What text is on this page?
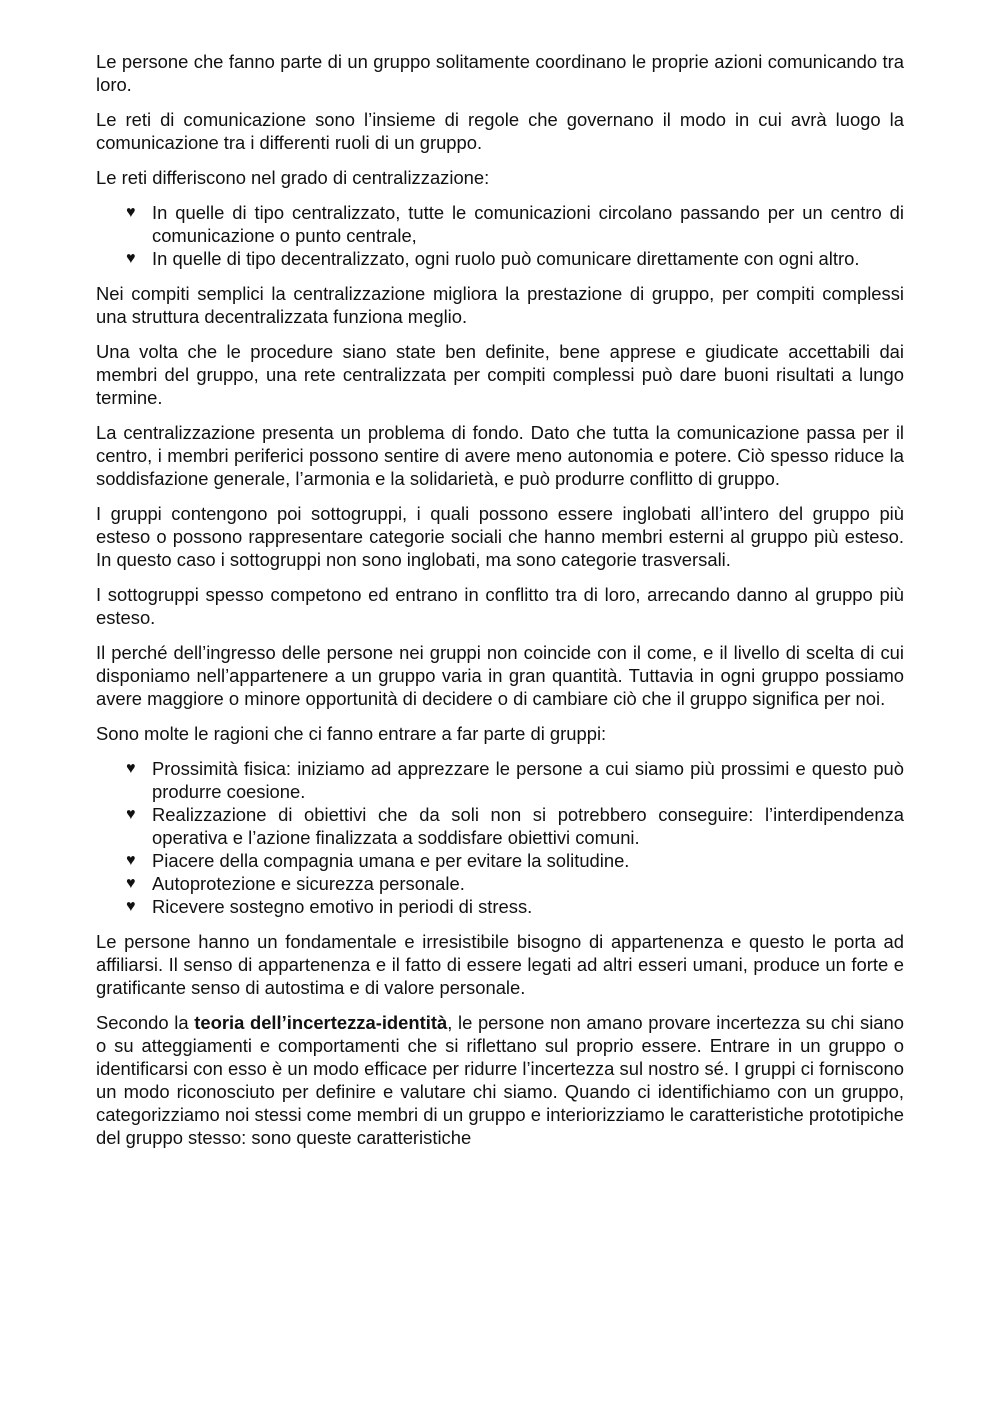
Le persone che fanno parte di un gruppo solitamente coordinano le proprie azioni comunicando tra loro.

Le reti di comunicazione sono l’insieme di regole che governano il modo in cui avrà luogo la comunicazione tra i differenti ruoli di un gruppo.

Le reti differiscono nel grado di centralizzazione:

♥ In quelle di tipo centralizzato, tutte le comunicazioni circolano passando per un centro di comunicazione o punto centrale,
♥ In quelle di tipo decentralizzato, ogni ruolo può comunicare direttamente con ogni altro.

Nei compiti semplici la centralizzazione migliora la prestazione di gruppo, per compiti complessi una struttura decentralizzata funziona meglio.

Una volta che le procedure siano state ben definite, bene apprese e giudicate accettabili dai membri del gruppo, una rete centralizzata per compiti complessi può dare buoni risultati a lungo termine.

La centralizzazione presenta un problema di fondo. Dato che tutta la comunicazione passa per il centro, i membri periferici possono sentire di avere meno autonomia e potere. Ciò spesso riduce la soddisfazione generale, l’armonia e la solidarietà, e può produrre conflitto di gruppo.

I gruppi contengono poi sottogruppi, i quali possono essere inglobati all’intero del gruppo più esteso o possono rappresentare categorie sociali che hanno membri esterni al gruppo più esteso. In questo caso i sottogruppi non sono inglobati, ma sono categorie trasversali.

I sottogruppi spesso competono ed entrano in conflitto tra di loro, arrecando danno al gruppo più esteso.

Il perché dell’ingresso delle persone nei gruppi non coincide con il come, e il livello di scelta di cui disponiamo nell’appartenere a un gruppo varia in gran quantità. Tuttavia in ogni gruppo possiamo avere maggiore o minore opportunità di decidere o di cambiare ciò che il gruppo significa per noi.

Sono molte le ragioni che ci fanno entrare a far parte di gruppi:

♥ Prossimità fisica: iniziamo ad apprezzare le persone a cui siamo più prossimi e questo può produrre coesione.
♥ Realizzazione di obiettivi che da soli non si potrebbero conseguire: l’interdipendenza operativa e l’azione finalizzata a soddisfare obiettivi comuni.
♥ Piacere della compagnia umana e per evitare la solitudine.
♥ Autoprotezione e sicurezza personale.
♥ Ricevere sostegno emotivo in periodi di stress.

Le persone hanno un fondamentale e irresistibile bisogno di appartenenza e questo le porta ad affiliarsi. Il senso di appartenenza e il fatto di essere legati ad altri esseri umani, produce un forte e gratificante senso di autostima e di valore personale.

Secondo la teoria dell’incertezza-identità, le persone non amano provare incertezza su chi siano o su atteggiamenti e comportamenti che si riflettano sul proprio essere. Entrare in un gruppo o identificarsi con esso è un modo efficace per ridurre l’incertezza sul nostro sé. I gruppi ci forniscono un modo riconosciuto per definire e valutare chi siamo. Quando ci identifichiamo con un gruppo, categorizziamo noi stessi come membri di un gruppo e interiorizziamo le caratteristiche prototipiche del gruppo stesso: sono queste caratteristiche
